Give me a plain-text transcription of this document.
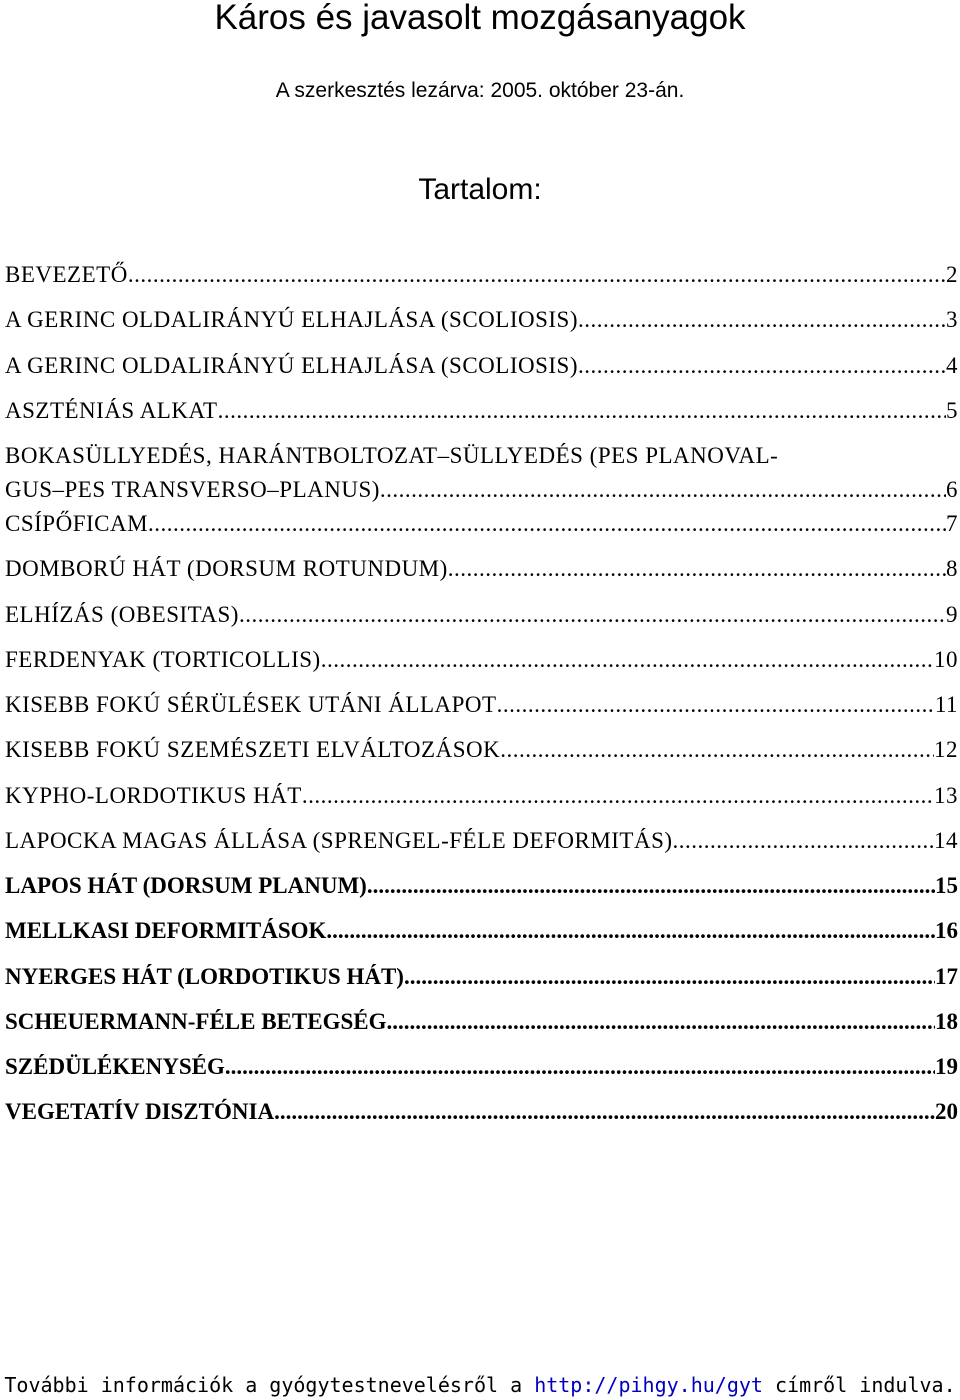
Káros és javasolt mozgásanyagok
A szerkesztés lezárva: 2005. október 23-án.
Tartalom:
BEVEZETŐ .....	2
A GERINC OLDALIRÁNYÚ ELHAJLÁSA (SCOLIOSIS) .....	3
A GERINC OLDALIRÁNYÚ ELHAJLÁSA (SCOLIOSIS) .....	4
ASZTÉNIÁS ALKAT .....	5
BOKASÜLLYEDÉS, HARÁNTBOLTOZAT–SÜLLYEDÉS (PES PLANOVAL-
GUS–PES TRANSVERSO–PLANUS) .....	6
CSÍPŐFICAM .....	7
DOMBORÚ HÁT (DORSUM ROTUNDUM) .....	8
ELHÍZÁS (OBESITAS) .....	9
FERDENYAK (TORTICOLLIS) .....	10
KISEBB FOKÚ SÉRÜLÉSEK UTÁNI ÁLLAPOT .....	11
KISEBB FOKÚ SZEMÉSZETI ELVÁLTOZÁSOK .....	12
KYPHO-LORDOTIKUS HÁT .....	13
LAPOCKA MAGAS ÁLLÁSA (SPRENGEL-FÉLE DEFORMITÁS) .....	14
LAPOS HÁT (DORSUM PLANUM) .....	15
MELLKASI DEFORMITÁSOK .....	16
NYERGES HÁT (LORDOTIKUS HÁT) .....	17
SCHEUERMANN-FÉLE BETEGSÉG .....	18
SZÉDÜLÉKENYSÉG .....	19
VEGETATÍV DISZTÓNIA .....	20
További információk a gyógytestnevelésről a http://pihgy.hu/gyt címről indulva.
